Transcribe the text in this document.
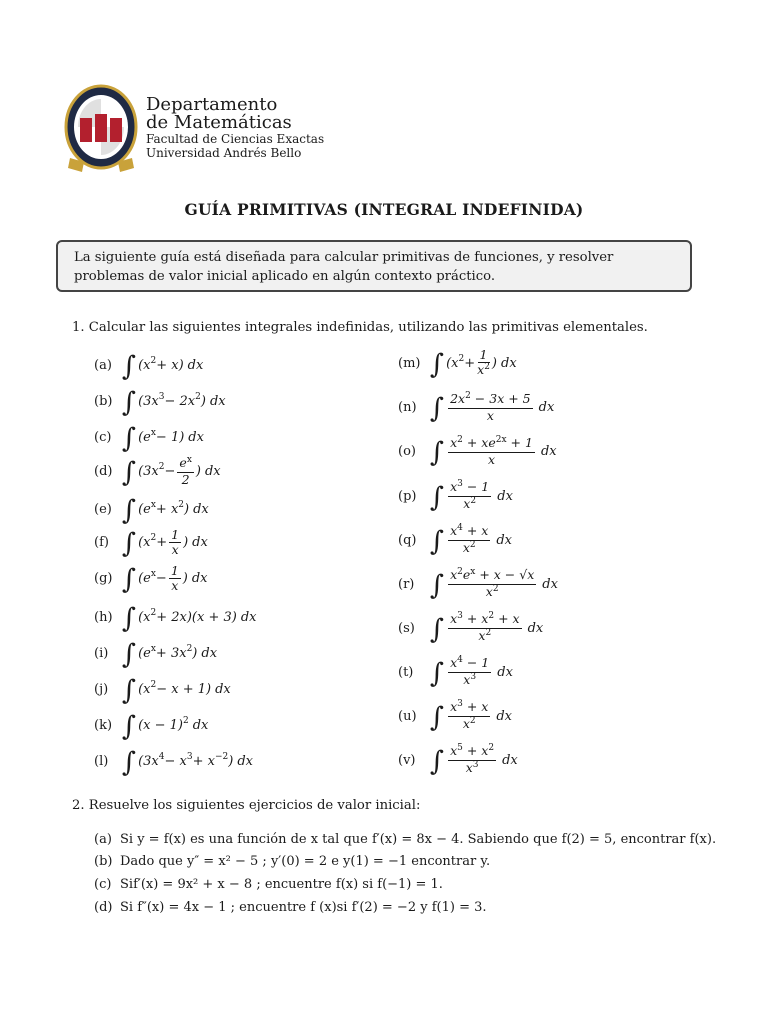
Departamento
de Matemáticas
Facultad de Ciencias Exactas
Universidad Andrés Bello
GUÍA PRIMITIVAS (INTEGRAL INDEFINIDA)
La siguiente guía está diseñada para calcular primitivas de funciones, y resolver problemas de valor inicial aplicado en algún contexto práctico.
1. Calcular las siguientes integrales indefinidas, utilizando las primitivas elementales.
(a) ∫ (x 2 + x) dx
(b) ∫ (3x 3 − 2x 2 ) dx
(c) ∫ (e x − 1) dx
(d) ∫ (3x $2 - \frac{e^x}{2}$ ) dx
(e) ∫ (e x + x 2 ) dx
(f) ∫ (x $2 + \frac{1}{x}$ ) dx
(g) ∫ (e $x - \frac{1}{x}$ ) dx
(h) ∫ (x 2 + 2x)(x + 3) dx
(i) ∫ (e x + 3x 2 ) dx
(j) ∫ (x 2 − x + 1) dx
(k) ∫ (x − 1) 2 dx
(l) ∫ (3x 4 − x 3 + x −2 ) dx
(m) ∫ (x $2 + \frac{1}{x^2}$ ) dx
(n) ∫ $\frac{2x^2 - 3x + 5}{x}$ dx
(o) ∫ $\frac{x^2 + xe^{2x} + 1}{x}$ dx
(p) ∫ $\frac{x^3 - 1}{x^2}$ dx
(q) ∫ $\frac{x^4 + x}{x^2}$ dx
(r) ∫ $\frac{x^2e^x + x - √x}{x^2}$ dx
(s) ∫ $\frac{x^3 + x^2 + x}{x^2}$ dx
(t) ∫ $\frac{x^4 - 1}{x^3}$ dx
(u) ∫ $\frac{x^3 + x}{x^2}$ dx
(v) ∫ $\frac{x^5 + x^2}{x^3}$ dx
2. Resuelve los siguientes ejercicios de valor inicial:
(a) Si y = f(x) es una función de x tal que f′(x) = 8x − 4. Sabiendo que f(2) = 5, encontrar f(x).
(b) Dado que y″ = x² − 5 ; y′(0) = 2 e y(1) = −1 encontrar y.
(c) Sif′(x) = 9x² + x − 8 ; encuentre f(x) si f(−1) = 1.
(d) Si f″(x) = 4x − 1 ; encuentre f (x)si f′(2) = −2 y f(1) = 3.
